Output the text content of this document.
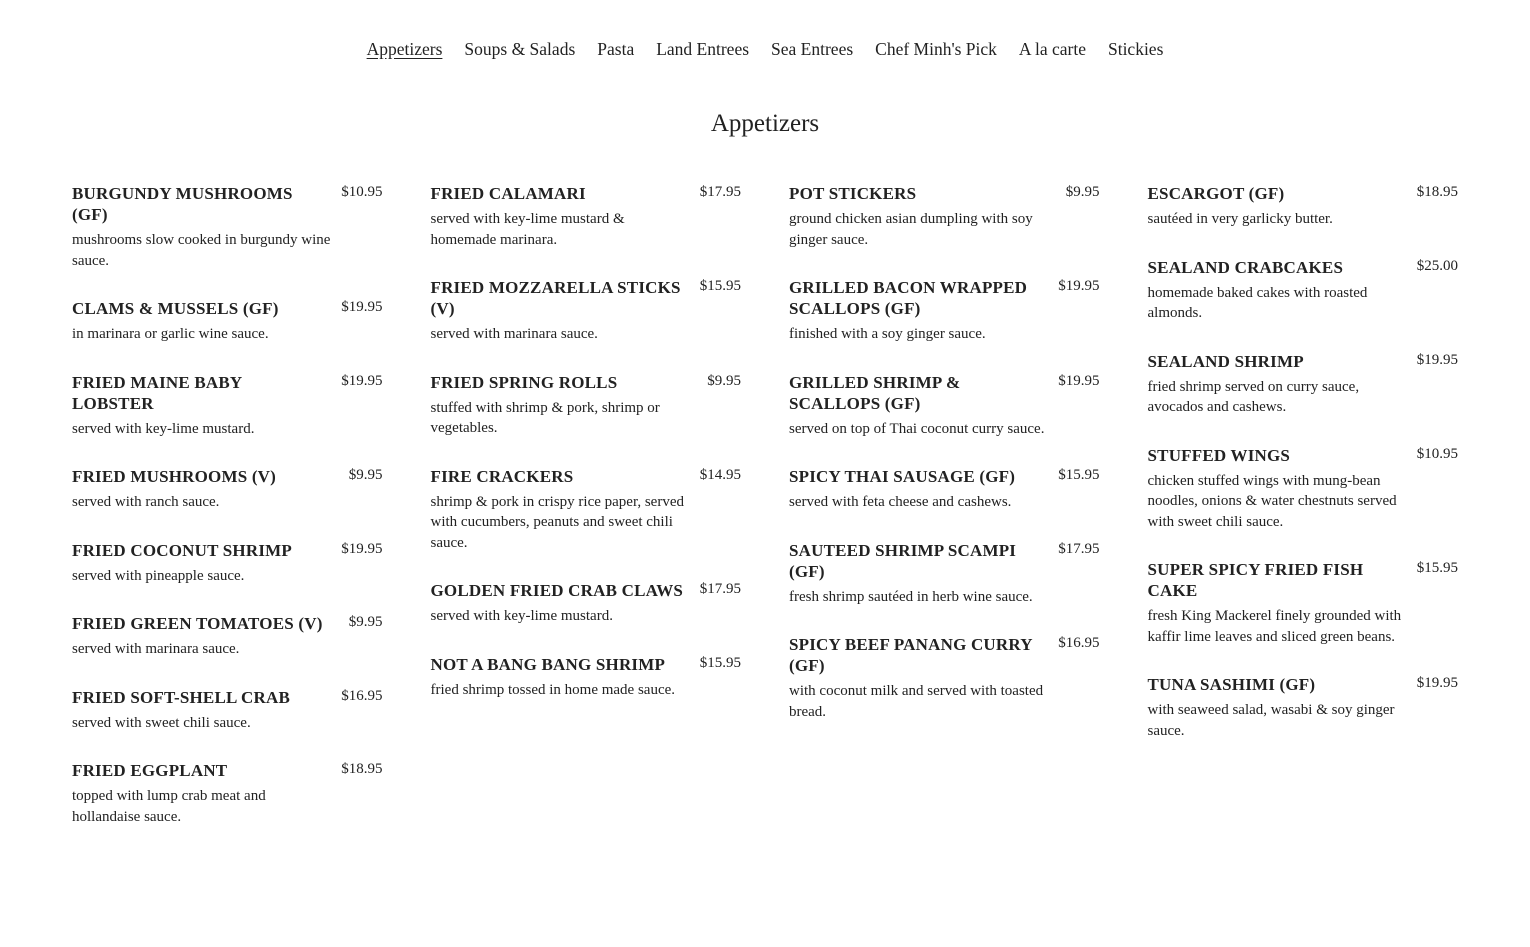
Appetizers Soups & Salads Pasta Land Entrees Sea Entrees Chef Minh's Pick A la carte Stickies
Appetizers
BURGUNDY MUSHROOMS (GF)
$10.95
mushrooms slow cooked in burgundy wine sauce.
CLAMS & MUSSELS (GF)	$19.95
in marinara or garlic wine sauce.
FRIED MAINE BABY LOBSTER
$19.95
served with key-lime mustard.
FRIED MUSHROOMS (V)	$9.95
served with ranch sauce.
FRIED COCONUT SHRIMP	$19.95
served with pineapple sauce.
FRIED GREEN TOMATOES (V)	$9.95
served with marinara sauce.
FRIED SOFT-SHELL CRAB	$16.95
served with sweet chili sauce.
FRIED EGGPLANT	$18.95
topped with lump crab meat and hollandaise sauce.
FRIED CALAMARI	$17.95
served with key-lime mustard & homemade marinara.
FRIED MOZZARELLA STICKS (V)
$15.95
served with marinara sauce.
FRIED SPRING ROLLS	$9.95
stuffed with shrimp & pork, shrimp or vegetables.
FIRE CRACKERS	$14.95
shrimp & pork in crispy rice paper, served with cucumbers, peanuts and sweet chili sauce.
GOLDEN FRIED CRAB CLAWS	$17.95
served with key-lime mustard.
NOT A BANG BANG SHRIMP	$15.95
fried shrimp tossed in home made sauce.
POT STICKERS	$9.95
ground chicken asian dumpling with soy ginger sauce.
GRILLED BACON WRAPPED SCALLOPS (GF)
$19.95
finished with a soy ginger sauce.
GRILLED SHRIMP & SCALLOPS (GF)
$19.95
served on top of Thai coconut curry sauce.
SPICY THAI SAUSAGE (GF)	$15.95
served with feta cheese and cashews.
SAUTEED SHRIMP SCAMPI (GF)
$17.95
fresh shrimp sautéed in herb wine sauce.
SPICY BEEF PANANG CURRY (GF)
$16.95
with coconut milk and served with toasted bread.
ESCARGOT (GF)	$18.95
sautéed in very garlicky butter.
SEALAND CRABCAKES	$25.00
homemade baked cakes with roasted almonds.
SEALAND SHRIMP	$19.95
fried shrimp served on curry sauce, avocados and cashews.
STUFFED WINGS	$10.95
chicken stuffed wings with mung-bean noodles, onions & water chestnuts served with sweet chili sauce.
SUPER SPICY FRIED FISH CAKE
$15.95
fresh King Mackerel finely grounded with kaffir lime leaves and sliced green beans.
TUNA SASHIMI (GF)	$19.95
with seaweed salad, wasabi & soy ginger sauce.
